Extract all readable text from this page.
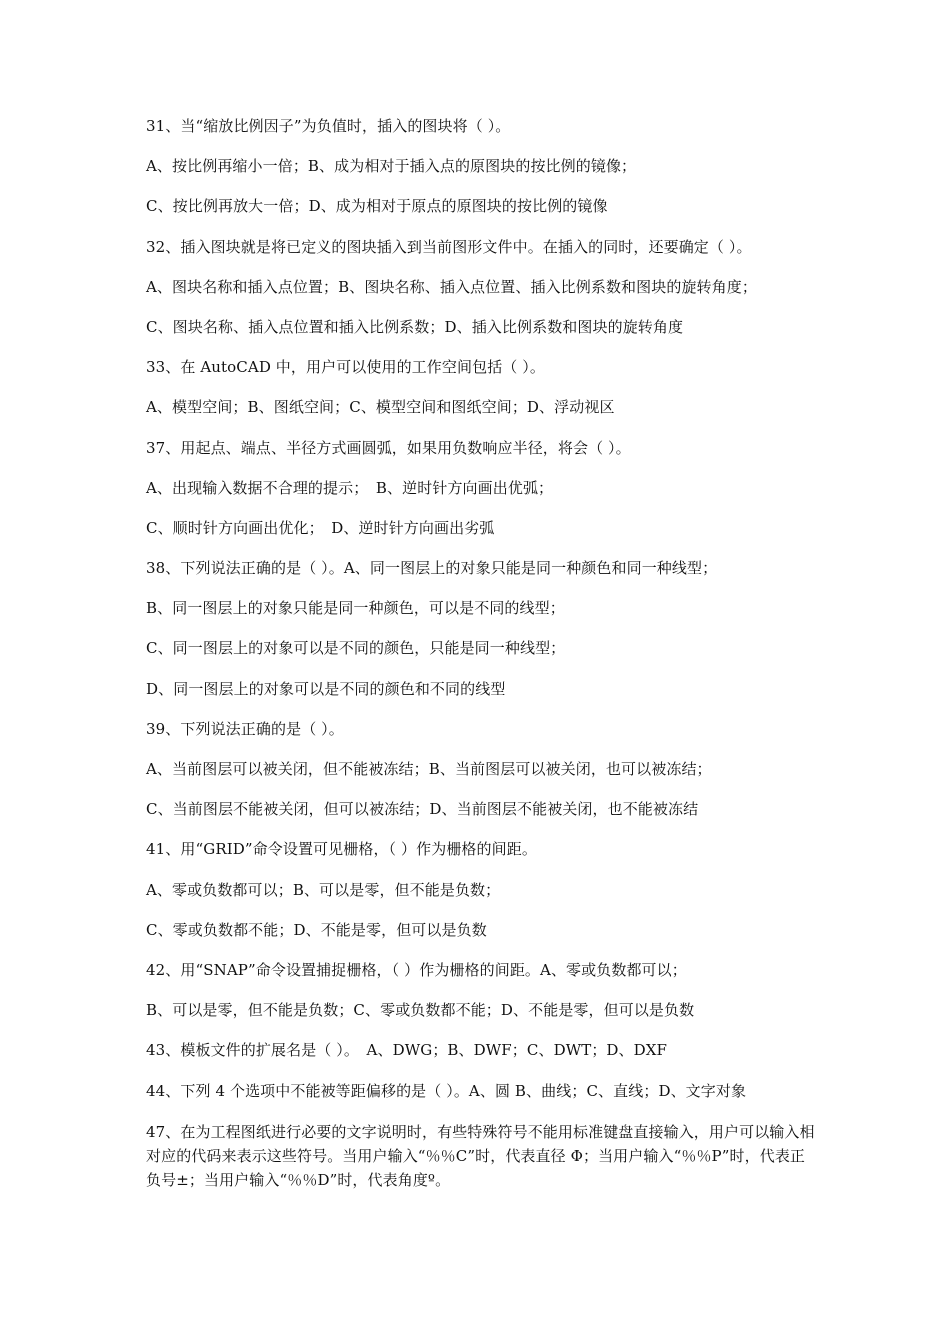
31、当“缩放比例因子”为负值时，插入的图块将（ ）。
A、按比例再缩小一倍；B、成为相对于插入点的原图块的按比例的镜像；
C、按比例再放大一倍；D、成为相对于原点的原图块的按比例的镜像
32、插入图块就是将已定义的图块插入到当前图形文件中。在插入的同时，还要确定（ ）。
A、图块名称和插入点位置；B、图块名称、插入点位置、插入比例系数和图块的旋转角度；
C、图块名称、插入点位置和插入比例系数；D、插入比例系数和图块的旋转角度
33、在 AutoCAD 中，用户可以使用的工作空间包括（ ）。
A、模型空间；B、图纸空间；C、模型空间和图纸空间；D、浮动视区
37、用起点、端点、半径方式画圆弧，如果用负数响应半径，将会（ ）。
A、出现输入数据不合理的提示；　B、逆时针方向画出优弧；
C、顺时针方向画出优化；　D、逆时针方向画出劣弧
38、下列说法正确的是（ ）。A、同一图层上的对象只能是同一种颜色和同一种线型；
B、同一图层上的对象只能是同一种颜色，可以是不同的线型；
C、同一图层上的对象可以是不同的颜色，只能是同一种线型；
D、同一图层上的对象可以是不同的颜色和不同的线型
39、下列说法正确的是（ ）。
A、当前图层可以被关闭，但不能被冻结；B、当前图层可以被关闭，也可以被冻结；
C、当前图层不能被关闭，但可以被冻结；D、当前图层不能被关闭，也不能被冻结
41、用“GRID”命令设置可见栅格，（ ）作为栅格的间距。
A、零或负数都可以；B、可以是零，但不能是负数；
C、零或负数都不能；D、不能是零，但可以是负数
42、用“SNAP”命令设置捕捉栅格，（ ）作为栅格的间距。A、零或负数都可以；
B、可以是零，但不能是负数；C、零或负数都不能；D、不能是零，但可以是负数
43、模板文件的扩展名是（ ）。　A、DWG；B、DWF；C、DWT；D、DXF
44、下列 4 个选项中不能被等距偏移的是（ ）。A、圆 B、曲线；C、直线；D、文字对象
47、在为工程图纸进行必要的文字说明时，有些特殊符号不能用标准键盘直接输入，用户可以输入相对应的代码来表示这些符号。当用户输入“％％C”时，代表直径 Φ；当用户输入“％％P”时，代表正负号±；当用户输入“％％D”时，代表角度º。
